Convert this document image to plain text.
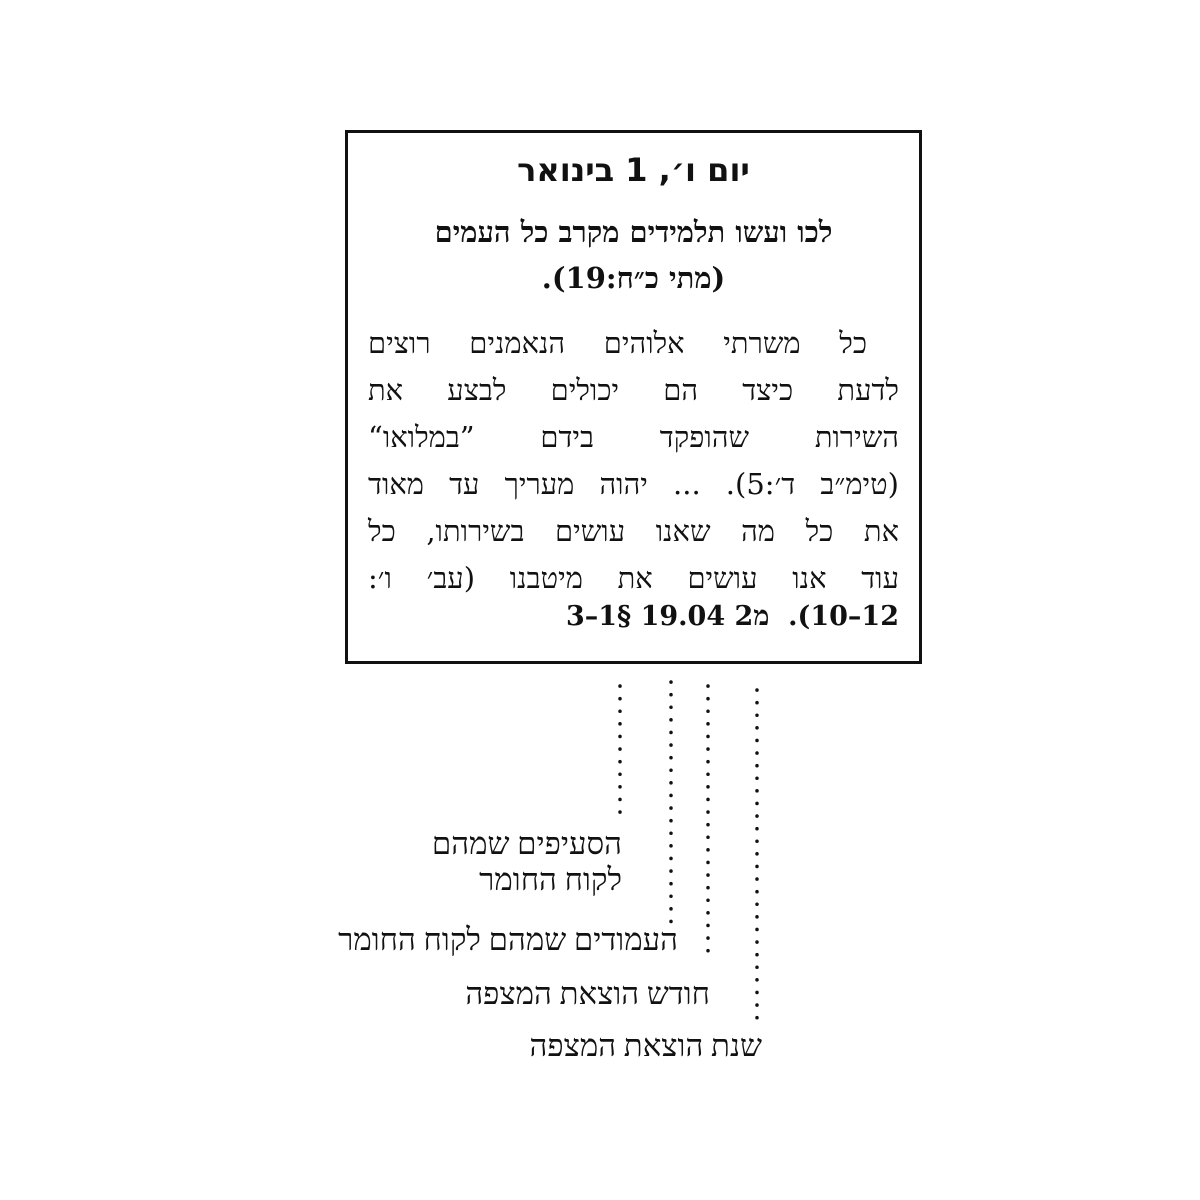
יום ו׳, 1 בינואר
לכו ועשו תלמידים מקרב כל העמים
(מתי כ״ח:19).
כל משרתי אלוהים הנאמנים רוצים
לדעת כיצד הם יכולים לבצע את
השירות שהופקד בידם ”במלואו“
(טימ״ב ד׳:5). ... יהוה מעריך עד מאוד
את כל מה שאנו עושים בשירותו, כל
עוד אנו עושים את מיטבנו (עב׳ ו׳:
12–10).  מ19.04 2 §1–3
הסעיפים שמהם
לקוח החומר
העמודים שמהם לקוח החומר
חודש הוצאת המצפה
שנת הוצאת המצפה
